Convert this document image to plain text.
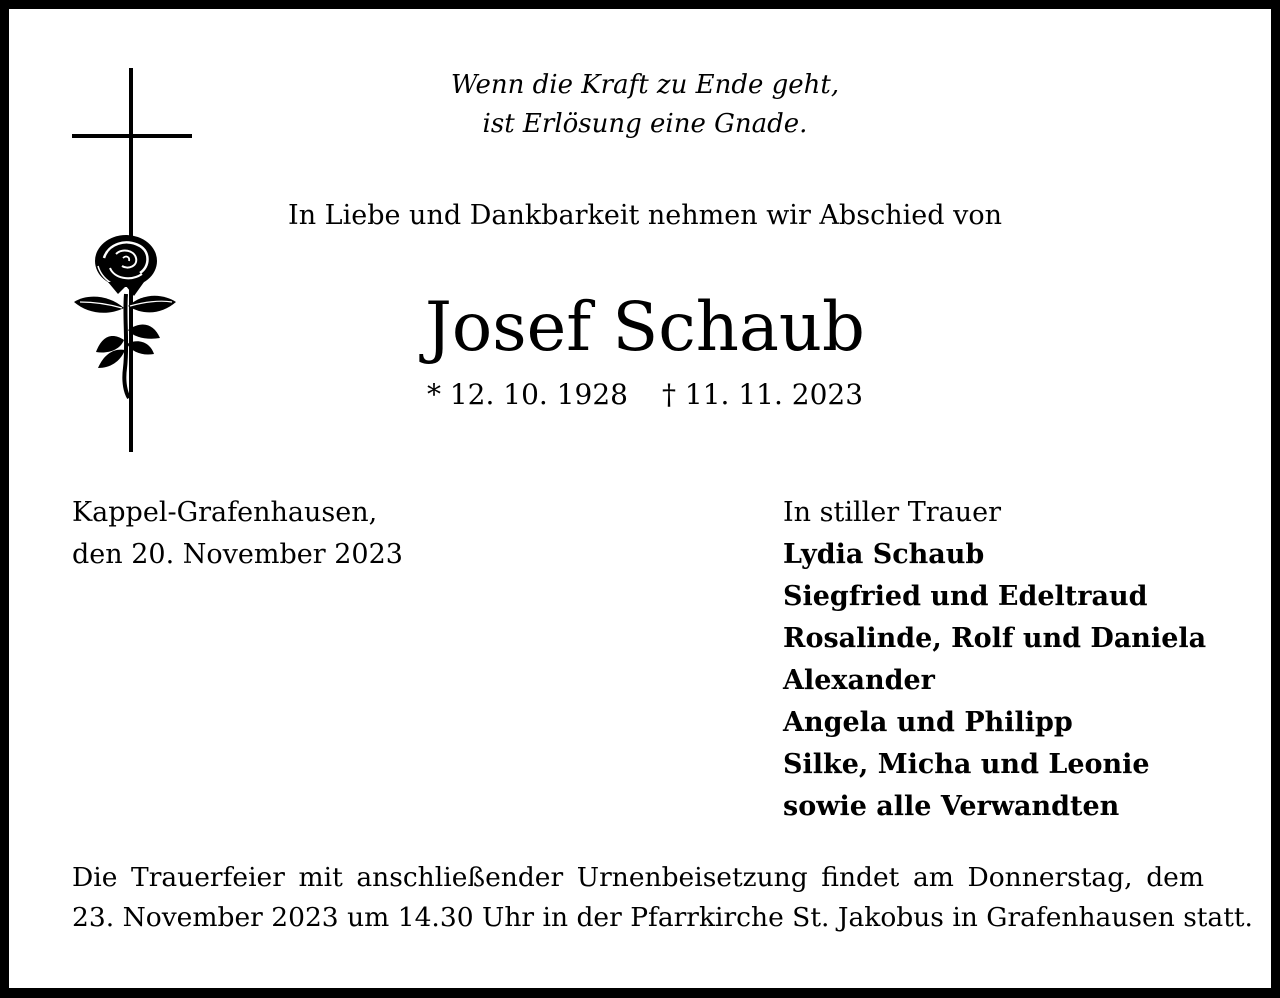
Wenn die Kraft zu Ende geht,
ist Erlösung eine Gnade.
In Liebe und Dankbarkeit nehmen wir Abschied von
Josef Schaub
* 12. 10. 1928 † 11. 11. 2023
Kappel-Grafenhausen,
den 20. November 2023
In stiller Trauer
Lydia Schaub
Siegfried und Edeltraud
Rosalinde, Rolf und Daniela
Alexander
Angela und Philipp
Silke, Micha und Leonie
sowie alle Verwandten
Die Trauerfeier mit anschließender Urnenbeisetzung findet am Donnerstag, dem
23. November 2023 um 14.30 Uhr in der Pfarrkirche St. Jakobus in Grafenhausen statt.
